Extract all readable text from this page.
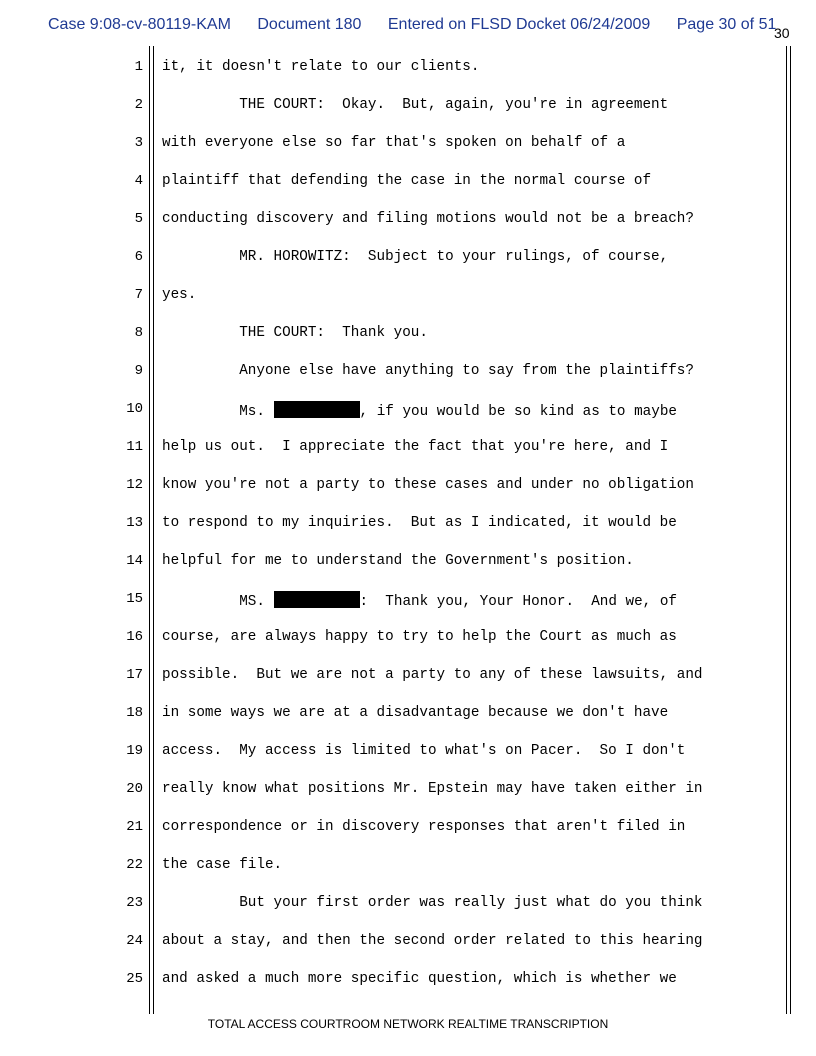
Case 9:08-cv-80119-KAM Document 180 Entered on FLSD Docket 06/24/2009 Page 30 of 51
30
1 it, it doesn't relate to our clients.
2 THE COURT:  Okay.  But, again, you're in agreement
3 with everyone else so far that's spoken on behalf of a
4 plaintiff that defending the case in the normal course of
5 conducting discovery and filing motions would not be a breach?
6 MR. HOROWITZ:  Subject to your rulings, of course,
7 yes.
8 THE COURT:  Thank you.
9 Anyone else have anything to say from the plaintiffs?
10 Ms.	, if you would be so kind as to maybe
11 help us out.  I appreciate the fact that you're here, and I
12 know you're not a party to these cases and under no obligation
13 to respond to my inquiries.  But as I indicated, it would be
14 helpful for me to understand the Government's position.
15 MS.	:  Thank you, Your Honor.  And we, of
16 course, are always happy to try to help the Court as much as
17 possible.  But we are not a party to any of these lawsuits, and
18 in some ways we are at a disadvantage because we don't have
19 access.  My access is limited to what's on Pacer.  So I don't
20 really know what positions Mr. Epstein may have taken either in
21 correspondence or in discovery responses that aren't filed in
22 the case file.
23 But your first order was really just what do you think
24 about a stay, and then the second order related to this hearing
25 and asked a much more specific question, which is whether we
TOTAL ACCESS COURTROOM NETWORK REALTIME TRANSCRIPTION
